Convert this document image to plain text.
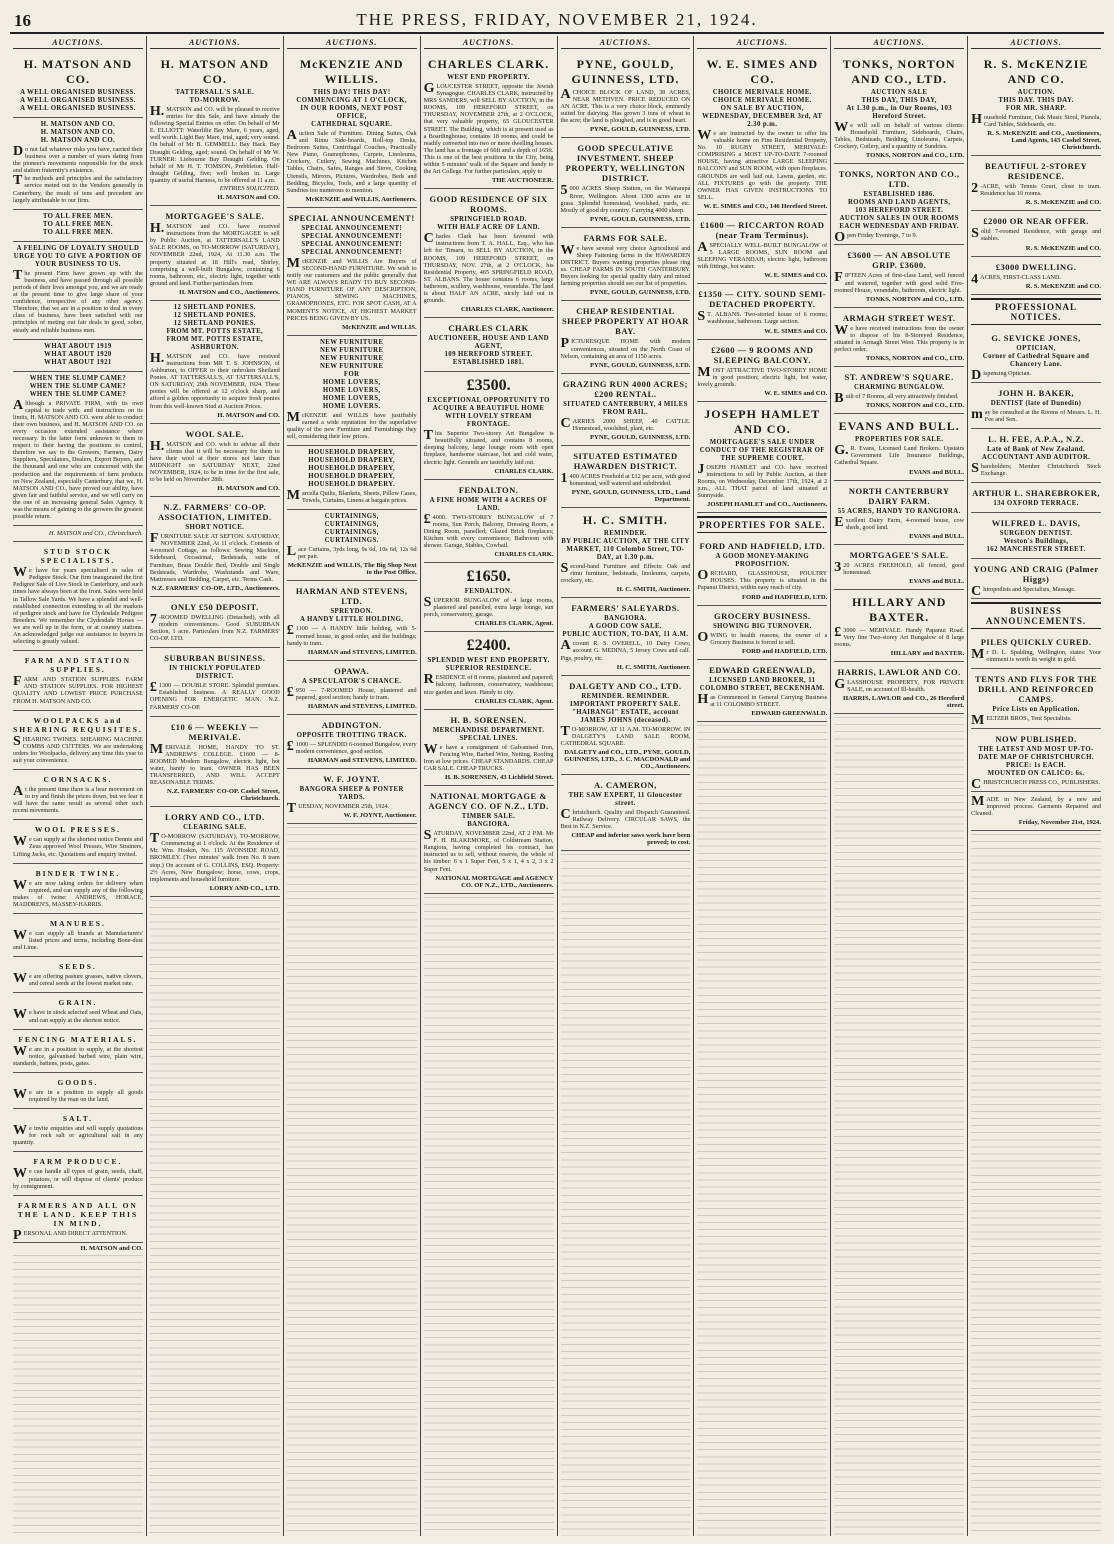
16	THE PRESS, FRIDAY, NOVEMBER 21, 1924.
AUCTIONS.
H. MATSON AND CO.
A WELL ORGANISED BUSINESS.
A WELL ORGANISED BUSINESS.
A WELL ORGANISED BUSINESS.
H. MATSON AND CO.
H. MATSON AND CO.
H. MATSON AND CO.
Do not fail whatever risks you have, carried their business over a number of years dating from the pioneer's movements responsible for the stock and station fraternity's existence.
The methods and principles and the satisfactory service meted out to the Vendors generally in Canterbury, the result of tens and precedent are largely attributable to our firm.
TO ALL FREE MEN.
TO ALL FREE MEN.
TO ALL FREE MEN.
A FEELING OF LOYALTY SHOULD URGE YOU TO GIVE A PORTION OF YOUR BUSINESS TO US.
The present Firm have grown up with the business, and have passed through all possible periods of their lives amongst you, and we are ready at the present time to give large share of your confidence, irrespective of any other agency. Therefore, that we are in a position to deal in every class of business, have been satisfied with our principles of meting out fair deals in good, sober, steady and reliable business men.
WHAT ABOUT 1919
WHAT ABOUT 1920
WHAT ABOUT 1921
WHEN THE SLUMP CAME?
WHEN THE SLUMP CAME?
WHEN THE SLUMP CAME?
Although a PRIVATE FIRM, with its own capital to trade with, and instructions on its limits, H. MATSON AND CO. were able to conduct their own business, and H. MATSON AND CO. on every occasion extended assistance where necessary. In the latter form unknown to them in respect to their having the positions to control, therefore we say to the Growers, Farmers, Dairy Suppliers, Speculators, Dealers, Export Buyers, and the thousand and one who are concerned with the production and the requirements of farm products on New Zealand, especially Canterbury, that we, H. MATSON AND CO., have proved our ability, have given fair and faithful service, and we will carry on the one of an increasing general Sales Agency. It was the means of gaining to the growers the greatest possible return.
H. MATSON and CO., Christchurch.
STUD STOCK SPECIALISTS.
We have for years specialised in sales of Pedigree Stock. Our firm inaugurated the first Pedigree Sale of Live Stock in Canterbury, and such times have always been at the front. Sales were held in Tallow Sale Yards. We have a splendid and well-established connection extending to all the markets of pedigree stock and have for Clydesdale Pedigree Breeders. We remember the Clydesdale Horses — we are well up in the form, or at country stations. An acknowledged judge our assistance to buyers in selecting is greatly valued.
FARM AND STATION SUPPLIES.
FARM AND STATION SUPPLIES. FARM AND STATION SUPPLIES. FOR HIGHEST QUALITY AND LOWEST PRICE PURCHASE FROM H. MATSON AND CO.
WOOLPACKS and SHEARING REQUISITES.
SHEARING TWINES. SHEARING MACHINE COMBS AND CUTTERS. We are undertaking orders for Woolpacks, delivery any time this year to suit your convenience.
CORNSACKS.
At the present time there is a bear movement on to try and finish the prices down, but we fear it will have the same result as several other such recent movements.
WOOL PRESSES.
We can supply at the shortest notice Dennis and Zeus approved Wool Presses, Wire Strainers, Lifting Jacks, etc. Quotations and enquiry invited.
BINDER TWINE.
We are now taking orders for delivery when required, and can supply any of the following makes of twine: ANDREWS, HORACE, MADDREN'S, MASSEY-HARRIS.
MANURES.
We can supply all brands at Manufacturers' listed prices and terms, including Bone-dust and Lime.
SEEDS.
We are offering pasture grasses, native clovers, and cereal seeds at the lowest market rate.
GRAIN.
We have in stock selected seed Wheat and Oats, and can supply at the shortest notice.
FENCING MATERIALS.
We are in a position to supply, at the shortest notice, galvanised barbed wire, plain wire, standards, battens, posts, gates.
GOODS.
We are in a position to supply all goods required by the man on the land.
SALT.
We invite enquiries and will supply quotations for rock salt or agricultural salt in any quantity.
FARM PRODUCE.
We can handle all types of grain, seeds, chaff, potatoes, or will dispose of clients' produce by consignment.
FARMERS AND ALL ON THE LAND. KEEP THIS IN MIND.
PERSONAL AND DIRECT ATTENTION.
H. MATSON and CO.
AUCTIONS.
H. MATSON AND CO.
TATTERSALL'S SALE.
TO-MORROW.
H.MATSON and CO. will be pleased to receive entries for this Sale, and have already the following Special Entries on offer. On behalf of Mr E. ELLIOTT: Waterlilie Bay Mare, 6 years, aged, well worth. Light Bay Mare, trial, aged; very sound. On behalf of Mr B. GEMMELL: Bay Hack. Bay Draught Gelding, aged; sound. On behalf of Mr W. TURNER: Liebourne Bay Draught Gelding. On behalf of Mr H. T. TOMSON, Prebbleton. Half-draught Gelding, five; well broken in. Large quantity of useful Harness, to be offered at 11 a.m.
ENTRIES SOLICITED.
H. MATSON and CO.
MORTGAGEE'S SALE.
H.MATSON and CO. have received instructions from the MORTGAGEE to sell by Public Auction, at TATTERSALL'S LAND SALE ROOMS, on TO-MORROW (SATURDAY), NOVEMBER 22nd, 1924, At 11.30 a.m. The property situated at 18 Hill's road, Shirley, comprising a well-built Bungalow, containing 6 rooms, bathroom, etc., electric light, together with ground and land. Further particulars from
H. MATSON and CO., Auctioneers.
12 SHETLAND PONIES.
12 SHETLAND PONIES.
12 SHETLAND PONIES.
FROM MT. POTTS ESTATE,
FROM MT. POTTS ESTATE,
ASHBURTON.
H.MATSON and CO. have received instructions from MR T. S. JOHNSON, of Ashburton, to OFFER to their unbroken Shetland Ponies. AT TATTERSALL'S, AT TATTERSALL'S, ON SATURDAY, 29th NOVEMBER, 1924. These ponies will be offered at 12 o'clock sharp, and afford a golden opportunity to acquire fresh ponies from this well-known Stud at Auction Prices.
H. MATSON and CO.
WOOL SALE.
H.MATSON and CO. wish to advise all their clients that it will be necessary for them to have their wool at their stores not later than MIDNIGHT on SATURDAY NEXT, 22nd NOVEMBER, 1924, to be in time for the first sale, to be held on November 28th.
H. MATSON and CO.
N.Z. FARMERS' CO-OP. ASSOCIATION, LIMITED.
SHORT NOTICE.
FURNITURE SALE AT SEFTON. SATURDAY, NOVEMBER 22nd, At 11 o'clock. Contents of 4-roomed Cottage, as follows: Sewing Machine, Sideboard, Occasional, Bedsteads, suite of Furniture, Brass Double Bed, Double and Single Bedsteads, Wardrobe, Washstands and Ware, Mattresses and Bedding, Carpet, etc. Terms Cash.
N.Z. FARMERS' CO-OP., LTD., Auctioneers.
ONLY £50 DEPOSIT.
7-ROOMED DWELLING (Detached), with all modern conveniences. Good SUBURBAN Section, 1 acre. Particulars from N.Z. FARMERS' CO-OP. LTD.
SUBURBAN BUSINESS.
IN THICKLY POPULATED DISTRICT.
£1300 — DOUBLE STORE. Splendid premises. Established business. A REALLY GOOD OPENING FOR ENERGETIC MAN. N.Z. FARMERS' CO-OP.
£10 6 — WEEKLY — MERIVALE.
MERIVALE HOME, HANDY TO ST. ANDREW'S COLLEGE. £1600 — 8-ROOMED Modern Bungalow, electric light, hot water, handy to tram. OWNER HAS BEEN TRANSFERRED, AND WILL ACCEPT REASONABLE TERMS.
N.Z. FARMERS' CO-OP. Cashel Street, Christchurch.
LORRY AND CO., LTD.
CLEARING SALE.
TO-MORROW (SATURDAY), TO-MORROW, Commencing at 1 o'clock. At the Residence of Mr. Wm. Hoskin, No. 115 AVONSIDE ROAD, BROMLEY. (Two minutes' walk from No. 8 tram stop.) On account of G. COLLINS, ESQ. Property: 2½ Acres, New Bungalow; horse, cows, crops, implements and household furniture.
LORRY AND CO., LTD.
AUCTIONS.
McKENZIE AND WILLIS.
THIS DAY! THIS DAY!
COMMENCING AT 1 O'CLOCK,
IN OUR ROOMS, NEXT POST OFFICE,
CATHEDRAL SQUARE.
Auction Sale of Furniture. Dining Suites, Oak and Rimu Side-boards, Roll-top Desks, Bedroom Suites, Centrifugal Couches, Practically New Piano, Gramophones, Carpets, Linoleums, Crockery, Cutlery, Sewing Machines, Kitchen Tables, Chairs, Safes, Ranges and Stove, Cooking Utensils, Mirrors, Pictures, Wardrobes, Beds and Bedding, Bicycles, Tools, and a large quantity of Sundries too numerous to mention.
McKENZIE and WILLIS, Auctioneers.
SPECIAL ANNOUNCEMENT!
SPECIAL ANNOUNCEMENT!
SPECIAL ANNOUNCEMENT!
SPECIAL ANNOUNCEMENT!
SPECIAL ANNOUNCEMENT!
McKENZIE and WILLIS Are Buyers of SECOND-HAND FURNITURE. We wish to notify our customers and the public generally that WE ARE ALWAYS READY TO BUY SECOND-HAND FURNITURE OF ANY DESCRIPTION, PIANOS, SEWING MACHINES, GRAMOPHONES, ETC. FOR SPOT CASH, AT A MOMENT'S NOTICE, AT HIGHEST MARKET PRICES BEING GIVEN BY US.
McKENZIE and WILLIS.
NEW FURNITURE
NEW FURNITURE
NEW FURNITURE
NEW FURNITURE
FOR
HOME LOVERS,
HOME LOVERS,
HOME LOVERS,
HOME LOVERS.
McKENZIE and WILLIS have justifiably earned a wide reputation for the superlative quality of the new Furniture and Furnishings they sell, considering their low prices.
HOUSEHOLD DRAPERY,
HOUSEHOLD DRAPERY,
HOUSEHOLD DRAPERY,
HOUSEHOLD DRAPERY,
HOUSEHOLD DRAPERY.
Marcella Quilts, Blankets, Sheets, Pillow Cases, Towels, Curtains, Linens at bargain prices.
CURTAININGS,
CURTAININGS,
CURTAININGS,
CURTAININGS.
Lace Curtains, 3yds long, 9s 6d, 10s 6d, 12s 6d per pair.
McKENZIE and WILLIS, The Big Shop Next to the Post Office.
HARMAN AND STEVENS, LTD.
SPREYDON.
A HANDY LITTLE HOLDING.
£1100 — A HANDY little holding, with 5-roomed house, in good order, and the buildings; handy to tram.
HARMAN and STEVENS, LIMITED.
OPAWA.
A SPECULATOR'S CHANCE.
£950 — 7-ROOMED House, plastered and papered, good section; handy to tram.
HARMAN and STEVENS, LIMITED.
ADDINGTON.
OPPOSITE TROTTING TRACK.
£1000 — SPLENDID 6-roomed Bungalow, every modern convenience, good section.
HARMAN and STEVENS, LIMITED.
W. F. JOYNT.
BANGORA SHEEP & PONTER YARDS.
TUESDAY, NOVEMBER 25th, 1924.
W. F. JOYNT, Auctioneer.
AUCTIONS.
CHARLES CLARK.
WEST END PROPERTY.
GLOUCESTER STREET, opposite the Jewish Synagogue. CHARLES CLARK, instructed by MRS SANDERS, will SELL BY AUCTION, in the ROOMS, 109 HEREFORD STREET, on THURSDAY, NOVEMBER 27th, at 2 O'CLOCK, that very valuable property, 65 GLOUCESTER STREET. The Building, which is at present used as a Boardinghouse, contains 18 rooms, and could be readily converted into two or more dwelling houses. The land has a frontage of 66ft and a depth of 165ft. This is one of the best positions in the City, being within 5 minutes' walk of the Square and handy to the Art College. For further particulars, apply to
THE AUCTIONEER.
GOOD RESIDENCE OF SIX ROOMS.
SPRINGFIELD ROAD.
WITH HALF ACRE OF LAND.
Charles Clark has been favoured with instructions from T. A. HALL, Esq., who has left for Timaru, to SELL BY AUCTION, in the ROOMS, 109 HEREFORD STREET, on THURSDAY, NOV. 27th, at 2 O'CLOCK, his Residential Property, 465 SPRINGFIELD ROAD, ST. ALBANS. The house contains 6 rooms, large bathroom, scullery, washhouse, verandahs. The land is about HALF AN ACRE, nicely laid out in grounds.
CHARLES CLARK, Auctioneer.
CHARLES CLARK
AUCTIONEER, HOUSE AND LAND AGENT,
109 HEREFORD STREET.
ESTABLISHED 1881.
£3500.
EXCEPTIONAL OPPORTUNITY TO ACQUIRE A BEAUTIFUL HOME WITH LOVELY STREAM FRONTAGE.
This Superior Two-storey Art Bungalow is beautifully situated, and contains 8 rooms, sleeping balcony, large lounge room with open fireplace, handsome staircase, hot and cold water, electric light. Grounds are tastefully laid out.
CHARLES CLARK.
FENDALTON.
A FINE HOME WITH 4 ACRES OF LAND.
£4000. TWO-STOREY BUNGALOW of 7 rooms, Sun Porch, Balcony, Dressing Room, a Dining Room, panelled; Glazed Brick fireplaces; Kitchen with every convenience; Bathroom with shower. Garage, Stables, Cowbail.
CHARLES CLARK.
£1650.
FENDALTON.
SUPERIOR BUNGALOW of 4 large rooms, plastered and panelled, extra large lounge, sun porch, conservatory, garage.
CHARLES CLARK, Agent.
£2400.
SPLENDID WEST END PROPERTY. SUPERIOR RESIDENCE.
RESIDENCE of 8 rooms, plastered and papered; balcony, bathroom, conservatory, washhouse; nice garden and lawn. Handy to city.
CHARLES CLARK, Agent.
H. B. SORENSEN.
MERCHANDISE DEPARTMENT.
SPECIAL LINES.
We have a consignment of Galvanised Iron, Fencing Wire, Barbed Wire, Netting, Roofing Iron at low prices. CHEAP STANDARDS. CHEAP CAR SALE. CHEAP TRUCKS.
H. B. SORENSEN, 43 Lichfield Street.
NATIONAL MORTGAGE & AGENCY CO. OF N.Z., LTD.
TIMBER SALE.
BANGIORA.
SATURDAY, NOVEMBER 22nd, AT 2 P.M. Mr F. H. BLAKEMORE, of Coldstream Station, Rangiora, having completed his contract, has instructed us to sell, without reserve, the whole of his timber: 6 x 1 Super Feet, 5 x 1, 4 x 2, 3 x 2 Super Feet.
NATIONAL MORTGAGE and AGENCY CO. OF N.Z., LTD., Auctioneers.
AUCTIONS.
PYNE, GOULD, GUINNESS, LTD.
ACHOICE BLOCK OF LAND, 38 ACRES, NEAR METHVEN. PRICE REDUCED ON AN ACRE. This is a very choice block, eminently suited for dairying. Has grown 3 tons of wheat to the acre; the land is ploughed, and is in good heart.
PYNE, GOULD, GUINNESS, LTD.
GOOD SPECULATIVE INVESTMENT. SHEEP PROPERTY, WELLINGTON DISTRICT.
5000 ACRES Sheep Station, on the Wairarapa River, Wellington. About 1300 acres are in grass. Splendid homestead, woolshed, yards, etc. Mostly of good dry country. Carrying 4000 sheep.
PYNE, GOULD, GUINNESS, LTD.
FARMS FOR SALE.
We have several very choice Agricultural and Sheep Fattening farms in the HAWARDEN DISTRICT. Buyers wanting properties please ring us. CHEAP FARMS IN SOUTH CANTERBURY. Buyers looking for special quality dairy and mixed farming properties should see our list of properties.
PYNE, GOULD, GUINNESS, LTD.
CHEAP RESIDENTIAL SHEEP PROPERTY AT HOAR BAY.
PICTURESQUE HOME with modern conveniences, situated on the North Coast of Nelson, containing an area of 1150 acres.
PYNE, GOULD, GUINNESS, LTD.
GRAZING RUN 4000 ACRES; £200 RENTAL.
SITUATED CANTERBURY, 4 MILES FROM RAIL.
CARRIES 2000 SHEEP, 40 CATTLE. Homestead, woolshed, plant, etc.
PYNE, GOULD, GUINNESS, LTD.
SITUATED ESTIMATED HAWARDEN DISTRICT.
1400 ACRES Freehold at £12 per acre, with good homestead, well watered and subdivided.
PYNE, GOULD, GUINNESS, LTD., Land Department.
H. C. SMITH.
REMINDER.
BY PUBLIC AUCTION, AT THE CITY MARKET, 110 Colombo Street, TO-DAY, at 1.30 p.m.
Second-hand Furniture and Effects: Oak and rimu furniture, bedsteads, linoleums, carpets, crockery, etc.
H. C. SMITH, Auctioneer.
FARMERS' SALEYARDS.
BANGIORA.
A GOOD COW SALE.
PUBLIC AUCTION, TO-DAY, 11 A.M.
Account R. S. OVERELL, 10 Dairy Cows; account G. MEDINA, 5 Jersey Cows and calf. Pigs, poultry, etc.
H. C. SMITH, Auctioneer.
DALGETY AND CO., LTD.
REMINDER. REMINDER.
IMPORTANT PROPERTY SALE.
"HAIBANGI" ESTATE, account JAMES JOHNS (deceased).
TO-MORROW, AT 11 A.M. TO-MORROW. IN DALGETY'S LAND SALE ROOM, CATHEDRAL SQUARE.
DALGETY and CO., LTD., PYNE, GOULD, GUINNESS, LTD., J. C. MACDONALD and CO., Auctioneers.
A. CAMERON,
THE SAW EXPERT, 11 Gloucester street.
Christchurch. Quality and Dispatch Guaranteed. Railway Delivery. CIRCULAR SAWS, the Best in N.Z. Service.
CHEAP and inferior saws work have been proved; to cost.
AUCTIONS.
W. E. SIMES AND CO.
CHOICE MERIVALE HOME.
CHOICE MERIVALE HOME.
ON SALE BY AUCTION,
WEDNESDAY, DECEMBER 3rd, AT 2.30 p.m.
We are instructed by the owner to offer his valuable home on Fine Residential Property, No. 10 RUGBY STREET, MERIVALE: COMPRISING a MOST UP-TO-DATE 7-roomed HOUSE, having attractive LARGE SLEEPING BALCONY and SUN ROOM, with open fireplaces. GROUNDS are well laid out. Lawns, garden, etc. ALL FIXTURES go with the property. THE OWNER HAS GIVEN INSTRUCTIONS TO SELL.
W. E. SIMES and CO., 146 Hereford Street.
£1600 — RICCARTON ROAD (near Tram Terminus).
ASPECIALLY WELL-BUILT BUNGALOW of 5 LARGE ROOMS, SUN ROOM and SLEEPING VERANDAH; electric light, bathroom with fittings, hot water.
W. E. SIMES and CO.
£1350 — CITY. SOUND SEMI-DETACHED PROPERTY.
ST. ALBANS. Two-storied house of 6 rooms; washhouse, bathroom. Large section.
W. E. SIMES and CO.
£2600 — 9 ROOMS AND SLEEPING BALCONY.
MOST ATTRACTIVE TWO-STOREY HOME in good position; electric light, hot water, lovely grounds.
W. E. SIMES and CO.
JOSEPH HAMLET AND CO.
MORTGAGEE'S SALE UNDER CONDUCT OF THE REGISTRAR OF THE SUPREME COURT.
JOSEPH HAMLET and CO. have received instructions to sell by Public Auction, at their Rooms, on Wednesday, December 17th, 1924, at 2 p.m., ALL THAT parcel of land situated at Sunnyside.
JOSEPH HAMLET and CO., Auctioneers.
PROPERTIES FOR SALE.
FORD AND HADFIELD, LTD.
A GOOD MONEY-MAKING PROPOSITION.
ORCHARD, GLASSHOUSE, POULTRY HOUSES. This property is situated in the Papanui District, within easy reach of city.
FORD and HADFIELD, LTD.
GROCERY BUSINESS.
SHOWING BIG TURNOVER.
OWING to health reasons, the owner of a Grocery Business is forced to sell.
FORD and HADFIELD, LTD.
EDWARD GREENWALD,
LICENSED LAND BROKER, 11 COLOMBO STREET, BECKENHAM.
Has Commenced in General Carrying Business at 11 COLOMBO STREET.
EDWARD GREENWALD.
AUCTIONS.
TONKS, NORTON AND CO., LTD.
AUCTION SALE
THIS DAY, THIS DAY,
At 1.30 p.m., in Our Rooms, 103 Hereford Street.
We will sell on behalf of various clients: Household Furniture, Sideboards, Chairs, Tables, Bedsteads, Bedding, Linoleums, Carpets, Crockery, Cutlery, and a quantity of Sundries.
TONKS, NORTON and CO., LTD.
TONKS, NORTON AND CO., LTD.
ESTABLISHED 1886.
ROOMS AND LAND AGENTS,
103 HEREFORD STREET.
AUCTION SALES IN OUR ROOMS EACH WEDNESDAY AND FRIDAY.
Open Friday Evenings, 7 to 9.
£3600 — AN ABSOLUTE GRIP. £3600.
FIFTEEN Acres of first-class Land, well fenced and watered, together with good solid Five-roomed House, verandahs, bathroom, electric light.
TONKS, NORTON and CO., LTD.
ARMAGH STREET WEST.
We have received instructions from the owner to dispose of his 8-Storeyed Residence, situated in Armagh Street West. This property is in perfect order.
TONKS, NORTON and CO., LTD.
ST. ANDREW'S SQUARE.
CHARMING BUNGALOW.
Built of 7 Rooms, all very attractively finished.
TONKS, NORTON and CO., LTD.
EVANS AND BULL.
PROPERTIES FOR SALE.
G.R. Evans, Licensed Land Brokers. Upstairs Government Life Insurance Buildings, Cathedral Square.
EVANS and BULL.
NORTH CANTERBURY DAIRY FARM.
55 ACRES, HANDY TO RANGIORA.
Excellent Dairy Farm, 4-roomed house, cow sheds, good land.
EVANS and BULL.
MORTGAGEE'S SALE.
320 ACRES FREEHOLD, all fenced, good homestead.
EVANS and BULL.
HILLARY AND BAXTER.
£3000 — MERIVALE. Handy Papanui Road. Very fine Two-storey Art Bungalow of 8 large rooms.
HILLARY and BAXTER.
HARRIS, LAWLOR AND CO.
GLASSHOUSE PROPERTY, FOR PRIVATE SALE, on account of Ill-health.
HARRIS, LAWLOR and CO., 26 Hereford street.
AUCTIONS.
R. S. McKENZIE AND CO.
AUCTION.
THIS DAY. THIS DAY.
FOR MR. SHARP.
Household Furniture, Oak Music Stool, Pianola, Card Tables, Sideboards, etc.
R. S. McKENZIE and CO., Auctioneers, Land Agents, 143 Cashel Street, Christchurch.
BEAUTIFUL 2-STOREY RESIDENCE.
2-ACRE, with Tennis Court, close to tram. Residence has 10 rooms.
R. S. McKENZIE and CO.
£2000 OR NEAR OFFER.
Solid 7-roomed Residence, with garage and stables.
R. S. McKENZIE and CO.
£3000 DWELLING.
4ACRES, FIRST-CLASS LAND.
R. S. McKENZIE and CO.
PROFESSIONAL NOTICES.
G. SEVICKE JONES,
OPTICIAN,
Corner of Cathedral Square and Chancery Lane.
Dispensing Optician.
JOHN H. BAKER,
DENTIST (late of Dunedin)
may be consulted at the Rooms of Messrs. L. H. Fee and Son.
L. H. FEE, A.P.A., N.Z.
Late of Bank of New Zealand.
ACCOUNTANT AND AUDITOR.
Shareholders; Member Christchurch Stock Exchange.
ARTHUR L. SHAREBROKER,
134 OXFORD TERRACE.
WILFRED L. DAVIS,
SURGEON DENTIST.
Weston's Buildings,
162 MANCHESTER STREET.
YOUNG AND CRAIG (Palmer Higgs)
Chiropodists and Specialists, Massage.
BUSINESS ANNOUNCEMENTS.
PILES QUICKLY CURED.
Mr D. L. Spalding, Wellington, states: Your ointment is worth its weight in gold.
TENTS AND FLYS FOR THE DRILL AND REINFORCED CAMPS.
Price Lists on Application.
MELTZER BROS., Tent Specialists.
NOW PUBLISHED.
THE LATEST AND MOST UP-TO-DATE MAP OF CHRISTCHURCH.
PRICE: 1s EACH.
MOUNTED ON CALICO: 6s.
CHRISTCHURCH PRESS CO., PUBLISHERS.
MADE in New Zealand, by a new and improved process. Garments Repaired and Cleaned.
Friday, November 21st, 1924.
